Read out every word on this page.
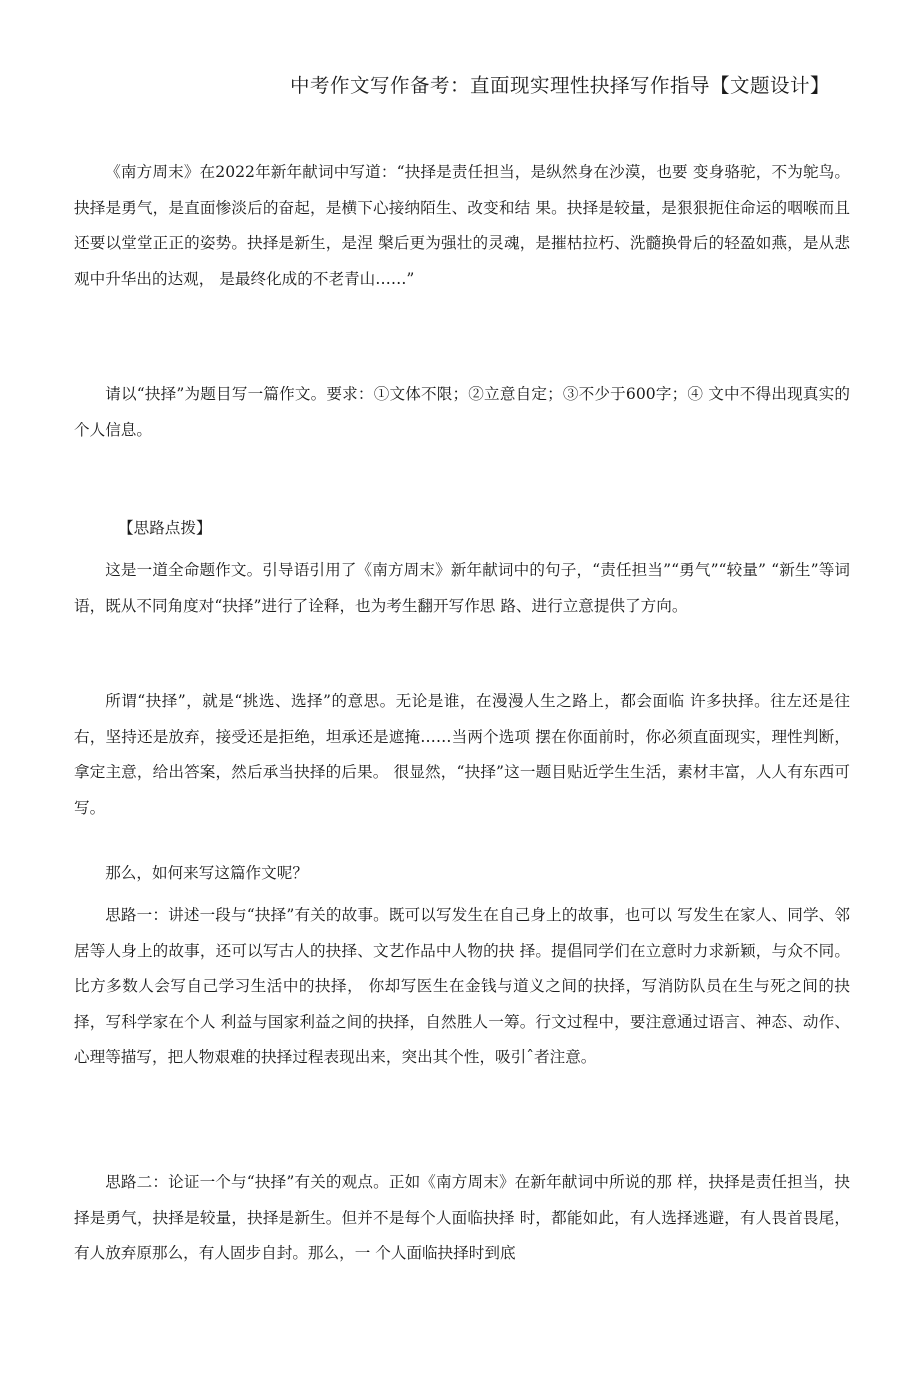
中考作文写作备考：直面现实理性抉择写作指导【文题设计】

《南方周末》在2022年新年献词中写道：“抉择是责任担当，是纵然身在沙漠，也要 变身骆驼，不为鸵鸟。抉择是勇气，是直面惨淡后的奋起，是横下心接纳陌生、改变和结 果。抉择是较量，是狠狠扼住命运的咽喉而且还要以堂堂正正的姿势。抉择是新生，是涅 槃后更为强壮的灵魂，是摧枯拉朽、洗髓换骨后的轻盈如燕，是从悲观中升华出的达观， 是最终化成的不老青山……”

请以“抉择”为题目写一篇作文。要求：①文体不限；②立意自定；③不少于600字；④ 文中不得出现真实的个人信息。

【思路点拨】

这是一道全命题作文。引导语引用了《南方周末》新年献词中的句子，“责任担当”“勇气”“较量” “新生”等词语，既从不同角度对“抉择”进行了诠释，也为考生翻开写作思 路、进行立意提供了方向。

所谓“抉择”，就是“挑选、选择”的意思。无论是谁，在漫漫人生之路上，都会面临 许多抉择。往左还是往右，坚持还是放弃，接受还是拒绝，坦承还是遮掩……当两个选项 摆在你面前时，你必须直面现实，理性判断，拿定主意，给出答案，然后承当抉择的后果。 很显然，“抉择”这一题目贴近学生生活，素材丰富，人人有东西可写。

那么，如何来写这篇作文呢？

思路一：讲述一段与“抉择”有关的故事。既可以写发生在自己身上的故事，也可以 写发生在家人、同学、邻居等人身上的故事，还可以写古人的抉择、文艺作品中人物的抉 择。提倡同学们在立意时力求新颖，与众不同。比方多数人会写自己学习生活中的抉择， 你却写医生在金钱与道义之间的抉择，写消防队员在生与死之间的抉择，写科学家在个人 利益与国家利益之间的抉择，自然胜人一筹。行文过程中，要注意通过语言、神态、动作、 心理等描写，把人物艰难的抉择过程表现出来，突出其个性，吸引ˆ者注意。

思路二：论证一个与“抉择”有关的观点。正如《南方周末》在新年献词中所说的那 样，抉择是责任担当，抉择是勇气，抉择是较量，抉择是新生。但并不是每个人面临抉择 时，都能如此，有人选择逃避，有人畏首畏尾，有人放弃原那么，有人固步自封。那么，一 个人面临抉择时到底
